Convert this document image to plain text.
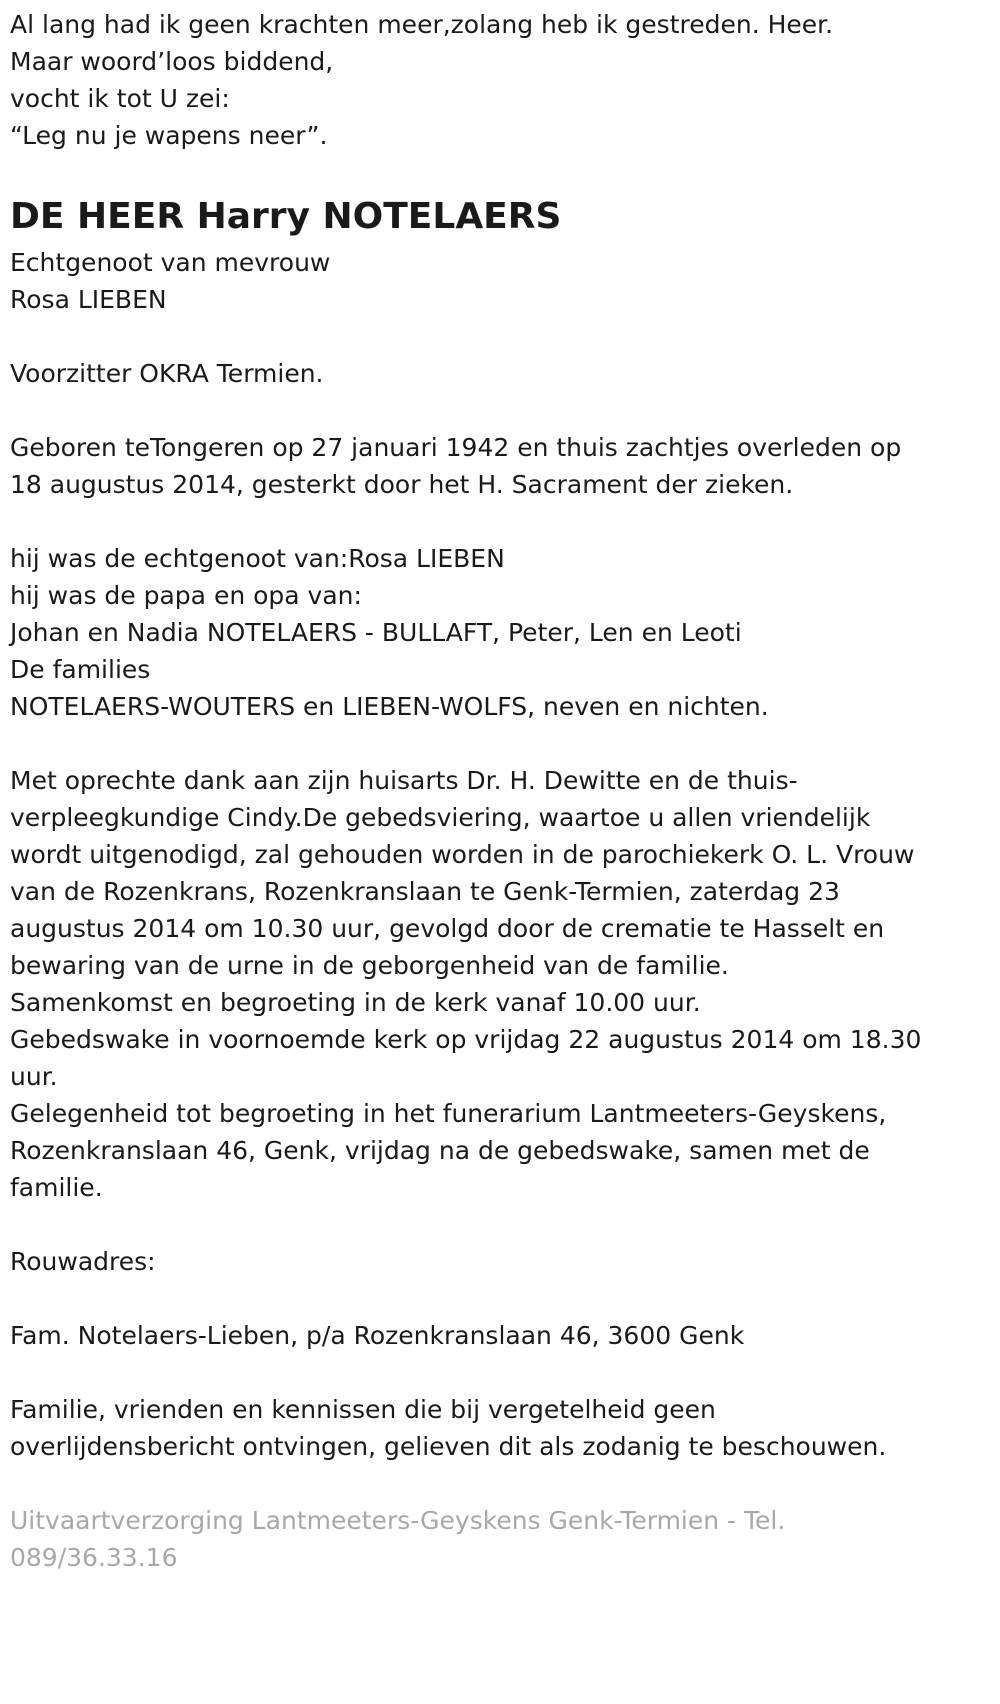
Al lang had ik geen krachten meer,zolang heb ik gestreden. Heer.

Maar woord’loos biddend,

vocht ik tot U zei:

“Leg nu je wapens neer”.

DE HEER Harry NOTELAERS

Echtgenoot van mevrouw

Rosa LIEBEN

Voorzitter OKRA Termien.

Geboren teTongeren op 27 januari 1942 en thuis zachtjes overleden op

18 augustus 2014, gesterkt door het H. Sacrament der zieken.

hij was de echtgenoot van:Rosa LIEBEN

hij was de papa en opa van:

Johan en Nadia NOTELAERS - BULLAFT, Peter, Len en Leoti

De families

NOTELAERS-WOUTERS en LIEBEN-WOLFS, neven en nichten.

Met oprechte dank aan zijn huisarts Dr. H. Dewitte en de thuis-

verpleegkundige Cindy.De gebedsviering, waartoe u allen vriendelijk

wordt uitgenodigd, zal gehouden worden in de parochiekerk O. L. Vrouw

van de Rozenkrans, Rozenkranslaan te Genk-Termien, zaterdag 23

augustus 2014 om 10.30 uur, gevolgd door de crematie te Hasselt en

bewaring van de urne in de geborgenheid van de familie.

Samenkomst en begroeting in de kerk vanaf 10.00 uur.

Gebedswake in voornoemde kerk op vrijdag 22 augustus 2014 om 18.30

uur.

Gelegenheid tot begroeting in het funerarium Lantmeeters-Geyskens,

Rozenkranslaan 46, Genk, vrijdag na de gebedswake, samen met de

familie.

Rouwadres:

Fam. Notelaers-Lieben, p/a Rozenkranslaan 46, 3600 Genk

Familie, vrienden en kennissen die bij vergetelheid geen

overlijdensbericht ontvingen, gelieven dit als zodanig te beschouwen.

Uitvaartverzorging Lantmeeters-Geyskens Genk-Termien - Tel.

089/36.33.16
